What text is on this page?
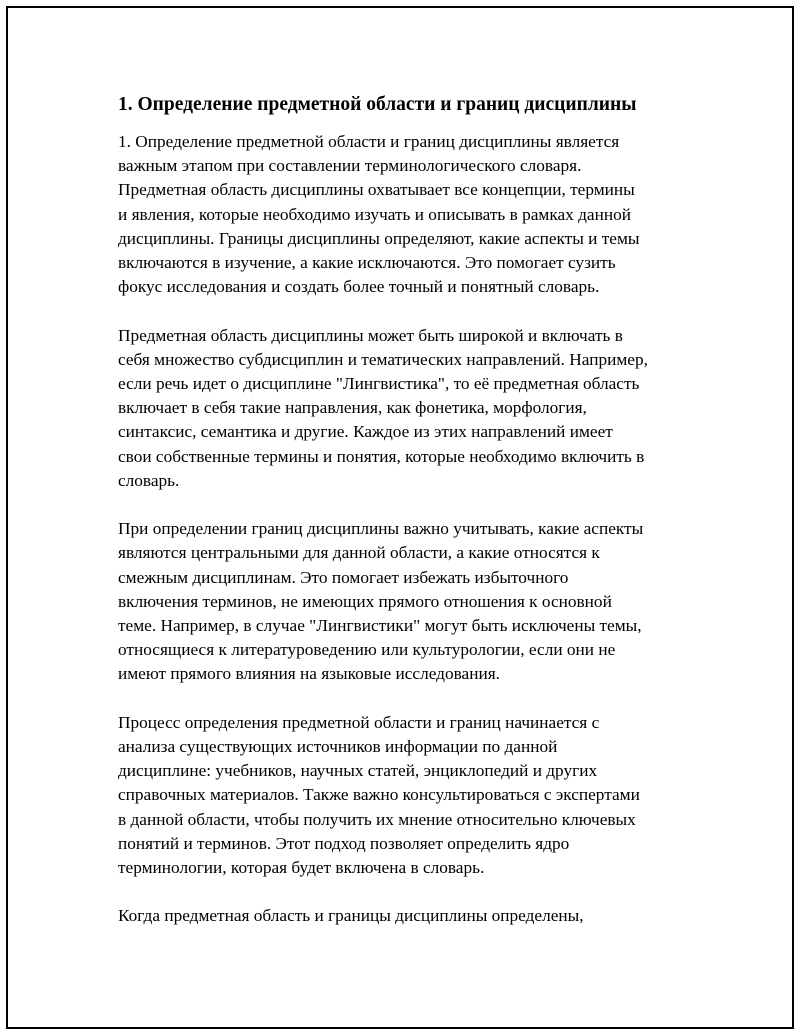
1. Определение предметной области и границ дисциплины
1. Определение предметной области и границ дисциплины является
важным этапом при составлении терминологического словаря.
Предметная область дисциплины охватывает все концепции, термины
и явления, которые необходимо изучать и описывать в рамках данной
дисциплины. Границы дисциплины определяют, какие аспекты и темы
включаются в изучение, а какие исключаются. Это помогает сузить
фокус исследования и создать более точный и понятный словарь.
Предметная область дисциплины может быть широкой и включать в
себя множество субдисциплин и тематических направлений. Например,
если речь идет о дисциплине "Лингвистика", то её предметная область
включает в себя такие направления, как фонетика, морфология,
синтаксис, семантика и другие. Каждое из этих направлений имеет
свои собственные термины и понятия, которые необходимо включить в
словарь.
При определении границ дисциплины важно учитывать, какие аспекты
являются центральными для данной области, а какие относятся к
смежным дисциплинам. Это помогает избежать избыточного
включения терминов, не имеющих прямого отношения к основной
теме. Например, в случае "Лингвистики" могут быть исключены темы,
относящиеся к литературоведению или культурологии, если они не
имеют прямого влияния на языковые исследования.
Процесс определения предметной области и границ начинается с
анализа существующих источников информации по данной
дисциплине: учебников, научных статей, энциклопедий и других
справочных материалов. Также важно консультироваться с экспертами
в данной области, чтобы получить их мнение относительно ключевых
понятий и терминов. Этот подход позволяет определить ядро
терминологии, которая будет включена в словарь.
Когда предметная область и границы дисциплины определены,
